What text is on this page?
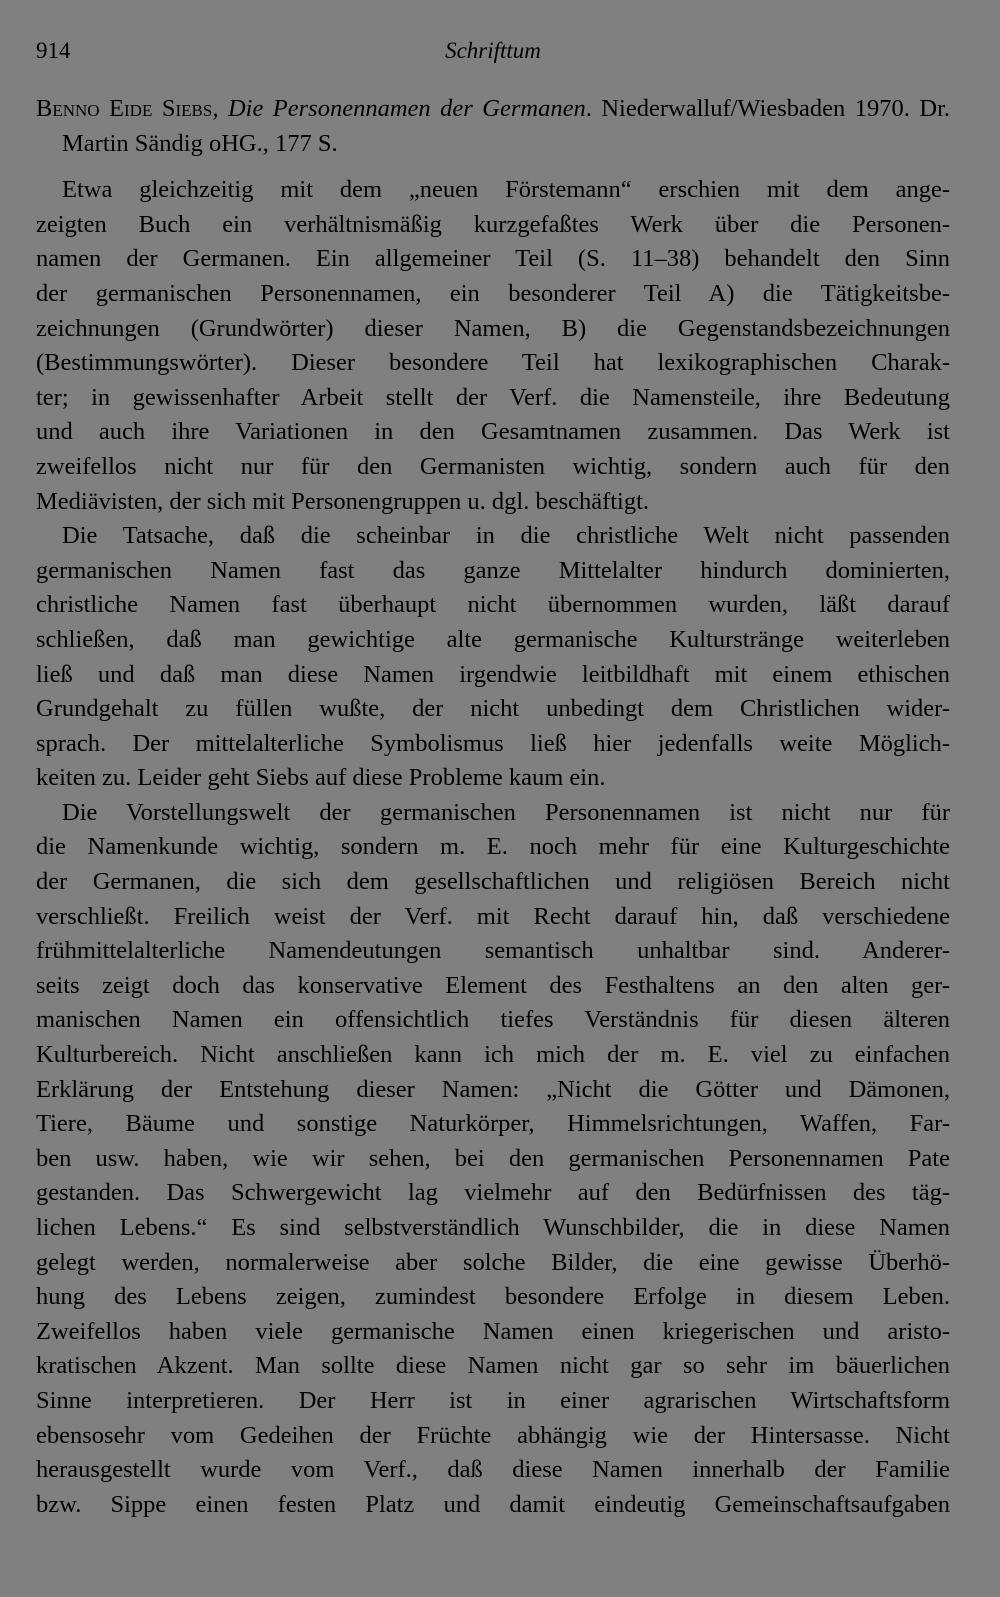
914	Schrifttum
Benno Eide Siebs, Die Personennamen der Germanen. Niederwalluf/Wiesbaden 1970. Dr. Martin Sändig oHG., 177 S.
Etwa gleichzeitig mit dem „neuen Förstemann“ erschien mit dem ange-
zeigten Buch ein verhältnismäßig kurzgefaßtes Werk über die Personen-
namen der Germanen. Ein allgemeiner Teil (S. 11–38) behandelt den Sinn
der germanischen Personennamen, ein besonderer Teil A) die Tätigkeitsbe-
zeichnungen (Grundwörter) dieser Namen, B) die Gegenstandsbezeichnungen
(Bestimmungswörter). Dieser besondere Teil hat lexikographischen Charak-
ter; in gewissenhafter Arbeit stellt der Verf. die Namensteile, ihre Bedeutung
und auch ihre Variationen in den Gesamtnamen zusammen. Das Werk ist
zweifellos nicht nur für den Germanisten wichtig, sondern auch für den
Mediävisten, der sich mit Personengruppen u. dgl. beschäftigt.
Die Tatsache, daß die scheinbar in die christliche Welt nicht passenden
germanischen Namen fast das ganze Mittelalter hindurch dominierten,
christliche Namen fast überhaupt nicht übernommen wurden, läßt darauf
schließen, daß man gewichtige alte germanische Kulturstränge weiterleben
ließ und daß man diese Namen irgendwie leitbildhaft mit einem ethischen
Grundgehalt zu füllen wußte, der nicht unbedingt dem Christlichen wider-
sprach. Der mittelalterliche Symbolismus ließ hier jedenfalls weite Möglich-
keiten zu. Leider geht Siebs auf diese Probleme kaum ein.
Die Vorstellungswelt der germanischen Personennamen ist nicht nur für
die Namenkunde wichtig, sondern m. E. noch mehr für eine Kulturgeschichte
der Germanen, die sich dem gesellschaftlichen und religiösen Bereich nicht
verschließt. Freilich weist der Verf. mit Recht darauf hin, daß verschiedene
frühmittelalterliche Namendeutungen semantisch unhaltbar sind. Anderer-
seits zeigt doch das konservative Element des Festhaltens an den alten ger-
manischen Namen ein offensichtlich tiefes Verständnis für diesen älteren
Kulturbereich. Nicht anschließen kann ich mich der m. E. viel zu einfachen
Erklärung der Entstehung dieser Namen: „Nicht die Götter und Dämonen,
Tiere, Bäume und sonstige Naturkörper, Himmelsrichtungen, Waffen, Far-
ben usw. haben, wie wir sehen, bei den germanischen Personennamen Pate
gestanden. Das Schwergewicht lag vielmehr auf den Bedürfnissen des täg-
lichen Lebens.“ Es sind selbstverständlich Wunschbilder, die in diese Namen
gelegt werden, normalerweise aber solche Bilder, die eine gewisse Überhö-
hung des Lebens zeigen, zumindest besondere Erfolge in diesem Leben.
Zweifellos haben viele germanische Namen einen kriegerischen und aristo-
kratischen Akzent. Man sollte diese Namen nicht gar so sehr im bäuerlichen
Sinne interpretieren. Der Herr ist in einer agrarischen Wirtschaftsform
ebensosehr vom Gedeihen der Früchte abhängig wie der Hintersasse. Nicht
herausgestellt wurde vom Verf., daß diese Namen innerhalb der Familie
bzw. Sippe einen festen Platz und damit eindeutig Gemeinschaftsaufgaben
